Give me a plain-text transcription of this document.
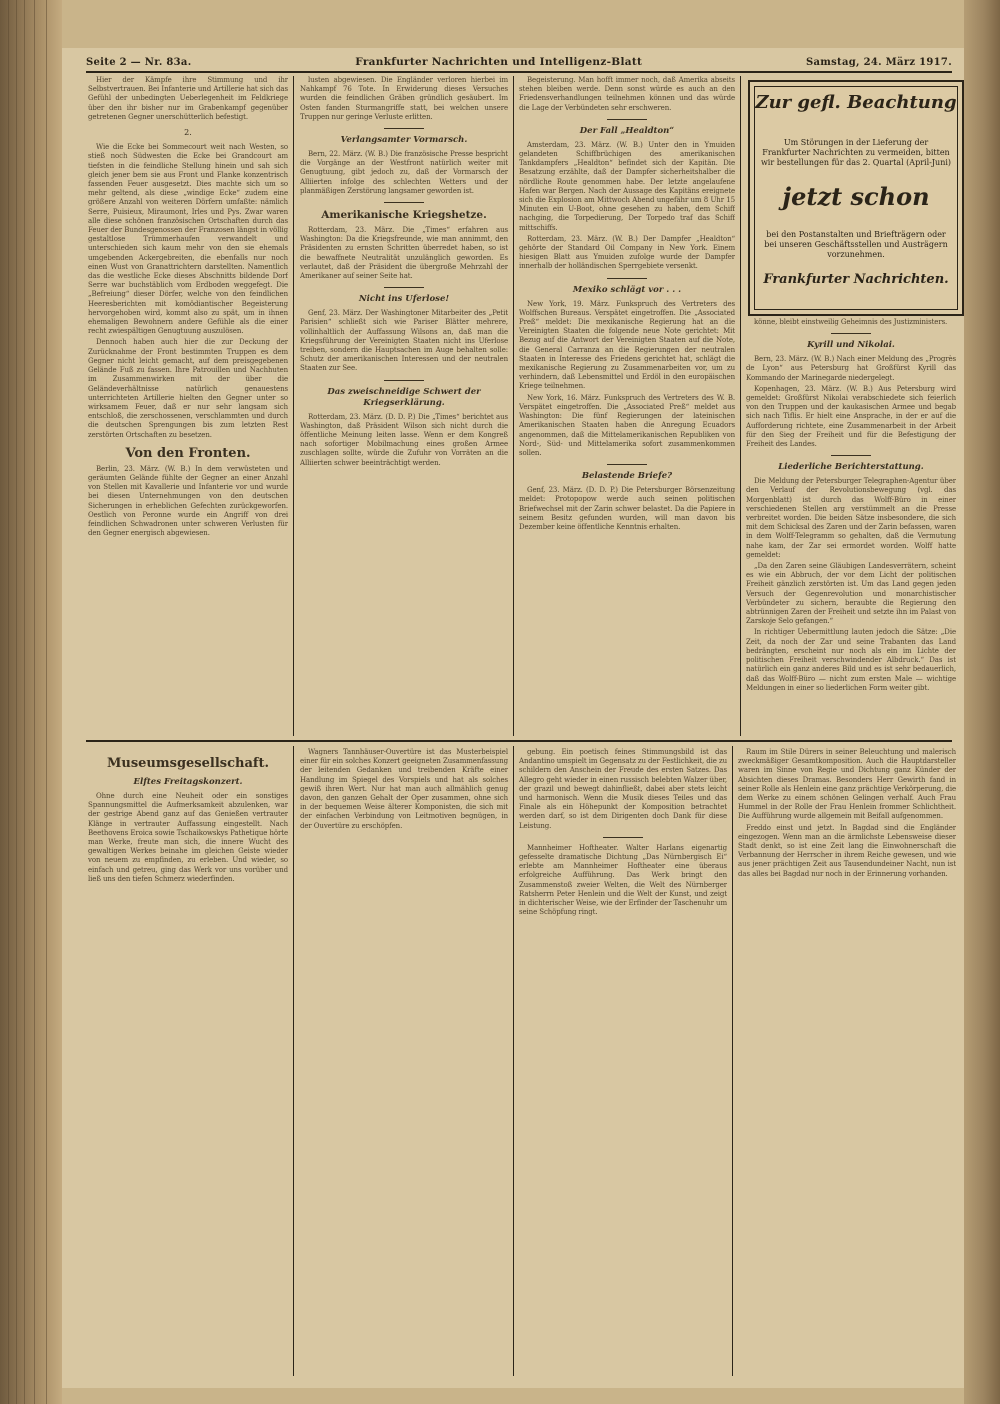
Seite 2 — Nr. 83a.	Frankfurter Nachrichten und Intelligenz-Blatt	Samstag, 24. März 1917.

Hier der Kämpfe ihre Stimmung und ihr Selbstvertrauen. Bei Infanterie und Artillerie hat sich das Gefühl der unbedingten Ueberlegenheit im Feldkriege über den ihr bisher nur im Grabenkampf gegenüber getretenen Gegner unerschütterlich befestigt.

2.

Wie die Ecke bei Sommecourt weit nach Westen, so stieß noch Südwesten die Ecke bei Grandcourt am tiefsten in die feindliche Stellung hinein und sah sich gleich jener bem sie aus Front und Flanke konzentrisch fassenden Feuer ausgesetzt. Dies machte sich um so mehr geltend, als diese „windige Ecke“ zudem eine größere Anzahl von weiteren Dörfern umfaßte: nämlich Serre, Puisieux, Miraumont, Irles und Pys. Zwar waren alle diese schönen französischen Ortschaften durch das Feuer der Bundesgenossen der Franzosen längst in völlig gestaltlose Trümmerhaufen verwandelt und unterschieden sich kaum mehr von den sie ehemals umgebenden Ackergebreiten, die ebenfalls nur noch einen Wust von Granattrichtern darstellten. Namentlich das die westliche Ecke dieses Abschnitts bildende Dorf Serre war buchstäblich vom Erdboden weggefegt. Die „Befreiung“ dieser Dörfer, welche von den feindlichen Heeresberichten mit komödiantischer Begeisterung hervorgehoben wird, kommt also zu spät, um in ihnen ehemaligen Bewohnern andere Gefühle als die einer recht zwiespältigen Genugtuung auszulösen.

Dennoch haben auch hier die zur Deckung der Zurücknahme der Front bestimmten Truppen es dem Gegner nicht leicht gemacht, auf dem preisgegebenen Gelände Fuß zu fassen. Ihre Patrouillen und Nachhuten im Zusammenwirken mit der über die Geländeverhältnisse natürlich genauestens unterrichteten Artillerie hielten den Gegner unter so wirksamem Feuer, daß er nur sehr langsam sich entschloß, die zerschossenen, verschlammten und durch die deutschen Sprengungen bis zum letzten Rest zerstörten Ortschaften zu besetzen.

Von den Fronten.

Berlin, 23. März. (W. B.) In dem verwüsteten und geräumten Gelände fühlte der Gegner an einer Anzahl von Stellen mit Kavallerie und Infanterie vor und wurde bei diesen Unternehmungen von den deutschen Sicherungen in erheblichen Gefechten zurückgeworfen. Oestlich von Peronne wurde ein Angriff von drei feindlichen Schwadronen unter schweren Verlusten für den Gegner energisch abgewiesen.

lusten abgewiesen. Die Engländer verloren hierbei im Nahkampf 76 Tote. In Erwiderung dieses Versuches wurden die feindlichen Gräben gründlich gesäubert. Im Osten fanden Sturmangriffe statt, bei welchen unsere Truppen nur geringe Verluste erlitten.

Verlangsamter Vormarsch.

Bern, 22. März. (W. B.) Die französische Presse bespricht die Vorgänge an der Westfront natürlich weiter mit Genugtuung, gibt jedoch zu, daß der Vormarsch der Alliierten infolge des schlechten Wetters und der planmäßigen Zerstörung langsamer geworden ist.

Amerikanische Kriegshetze.

Rotterdam, 23. März. Die „Times“ erfahren aus Washington: Da die Kriegsfreunde, wie man annimmt, den Präsidenten zu ernsten Schritten überredet haben, so ist die bewaffnete Neutralität unzulänglich geworden. Es verlautet, daß der Präsident die übergroße Mehrzahl der Amerikaner auf seiner Seite hat.

Nicht ins Uferlose!

Genf, 23. März. Der Washingtoner Mitarbeiter des „Petit Parisien“ schließt sich wie Pariser Blätter mehrere, vollinhaltlich der Auffassung Wilsons an, daß man die Kriegsführung der Vereinigten Staaten nicht ins Uferlose treiben, sondern die Hauptsachen im Auge behalten solle: Schutz der amerikanischen Interessen und der neutralen Staaten zur See.

Das zweischneidige Schwert der Kriegserklärung.

Rotterdam, 23. März. (D. D. P.) Die „Times“ berichtet aus Washington, daß Präsident Wilson sich nicht durch die öffentliche Meinung leiten lasse. Wenn er dem Kongreß nach sofortiger Mobilmachung eines großen Armee zuschlagen sollte, würde die Zufuhr von Vorräten an die Alliierten schwer beeinträchtigt werden.

Begeisterung. Man hofft immer noch, daß Amerika abseits stehen bleiben werde. Denn sonst würde es auch an den Friedensverhandlungen teilnehmen können und das würde die Lage der Verbündeten sehr erschweren.

Der Fall „Healdton“

Amsterdam, 23. März. (W. B.) Unter den in Ymuiden gelandeten Schiffbrüchigen des amerikanischen Tankdampfers „Healdton“ befindet sich der Kapitän. Die Besatzung erzählte, daß der Dampfer sicherheitshalber die nördliche Route genommen habe. Der letzte angelaufene Hafen war Bergen. Nach der Aussage des Kapitäns ereignete sich die Explosion am Mittwoch Abend ungefähr um 8 Uhr 15 Minuten ein U-Boot, ohne gesehen zu haben, dem Schiff nachging, die Torpedierung, Der Torpedo traf das Schiff mittschiffs.

Rotterdam, 23. März. (W. B.) Der Dampfer „Healdton“ gehörte der Standard Oil Company in New York. Einem hiesigen Blatt aus Ymuiden zufolge wurde der Dampfer innerhalb der holländischen Sperrgebiete versenkt.

Mexiko schlägt vor . . .

New York, 19. März. Funkspruch des Vertreters des Wolffschen Bureaus. Verspätet eingetroffen. Die „Associated Preß“ meldet: Die mexikanische Regierung hat an die Vereinigten Staaten die folgende neue Note gerichtet: Mit Bezug auf die Antwort der Vereinigten Staaten auf die Note, die General Carranza an die Regierungen der neutralen Staaten in Interesse des Friedens gerichtet hat, schlägt die mexikanische Regierung zu Zusammenarbeiten vor, um zu verhindern, daß Lebensmittel und Erdöl in den europäischen Kriege teilnehmen.

New York, 16. März. Funkspruch des Vertreters des W. B. Verspätet eingetroffen. Die „Associated Preß“ meldet aus Washington: Die fünf Regierungen der lateinischen Amerikanischen Staaten haben die Anregung Ecuadors angenommen, daß die Mittelamerikanischen Republiken von Nord-, Süd- und Mittelamerika sofort zusammenkommen sollen.

Belastende Briefe?

Genf, 23. März. (D. D. P.) Die Petersburger Börsenzeitung meldet: Protopopow werde auch seinen politischen Briefwechsel mit der Zarin schwer belastet. Da die Papiere in seinem Besitz gefunden wurden, will man davon bis Dezember keine öffentliche Kenntnis erhalten.

Zur gefl. Beachtung
Um Störungen in der Lieferung der Frankfurter Nachrichten zu vermeiden, bitten wir bestellungen für das 2. Quartal (April-Juni)
jetzt schon
bei den Postanstalten und Briefträgern oder bei unseren Geschäftsstellen und Austrägern vorzunehmen.
Frankfurter Nachrichten.

könne, bleibt einstweilig Geheimnis des Justizministers.

Kyrill und Nikolai.

Bern, 23. März. (W. B.) Nach einer Meldung des „Progrès de Lyon“ aus Petersburg hat Großfürst Kyrill das Kommando der Marinegarde niedergelegt.

Kopenhagen, 23. März. (W. B.) Aus Petersburg wird gemeldet: Großfürst Nikolai verabschiedete sich feierlich von den Truppen und der kaukasischen Armee und begab sich nach Tiflis. Er hielt eine Ansprache, in der er auf die Aufforderung richtete, eine Zusammenarbeit in der Arbeit für den Sieg der Freiheit und für die Befestigung der Freiheit des Landes.

Liederliche Berichterstattung.

Die Meldung der Petersburger Telegraphen-Agentur über den Verlauf der Revolutionsbewegung (vgl. das Morgenblatt) ist durch das Wolff-Büro in einer verschiedenen Stellen arg verstümmelt an die Presse verbreitet worden. Die beiden Sätze insbesondere, die sich mit dem Schicksal des Zaren und der Zarin befassen, waren in dem Wolff-Telegramm so gehalten, daß die Vermutung nahe kam, der Zar sei ermordet worden. Wolff hatte gemeldet:

„Da den Zaren seine Gläubigen Landesverrätern, scheint es wie ein Abbruch, der vor dem Licht der politischen Freiheit gänzlich zerstörten ist. Um das Land gegen jeden Versuch der Gegenrevolution und monarchistischer Verbündeter zu sichern, beraubte die Regierung den abtrünnigen Zaren der Freiheit und setzte ihn im Palast von Zarskoje Selo gefangen.“

In richtiger Uebermittlung lauten jedoch die Sätze: „Die Zeit, da noch der Zar und seine Trabanten das Land bedrängten, erscheint nur noch als ein im Lichte der politischen Freiheit verschwindender Albdruck.“ Das ist natürlich ein ganz anderes Bild und es ist sehr bedauerlich, daß das Wolff-Büro — nicht zum ersten Male — wichtige Meldungen in einer so liederlichen Form weiter gibt.

Museumsgesellschaft.

Elftes Freitagskonzert.

Ohne durch eine Neuheit oder ein sonstiges Spannungsmittel die Aufmerksamkeit abzulenken, war der gestrige Abend ganz auf das Genießen vertrauter Klänge in vertrauter Auffassung eingestellt. Nach Beethovens Eroica sowie Tschaikowskys Pathetique hörte man Werke, freute man sich, die innere Wucht des gewaltigen Werkes beinahe im gleichen Geiste wieder von neuem zu empfinden, zu erleben. Und wieder, so einfach und getreu, ging das Werk vor uns vorüber und ließ uns den tiefen Schmerz wiederfinden.

Wagners Tannhäuser-Ouvertüre ist das Musterbeispiel einer für ein solches Konzert geeigneten Zusammenfassung der leitenden Gedanken und treibenden Kräfte einer Handlung im Spiegel des Vorspiels und hat als solches gewiß ihren Wert. Nur hat man auch allmählich genug davon, den ganzen Gehalt der Oper zusammen, ohne sich in der bequemen Weise älterer Komponisten, die sich mit der einfachen Verbindung von Leitmotiven begnügen, in der Ouvertüre zu erschöpfen.

gebung. Ein poetisch feines Stimmungsbild ist das Andantino umspielt im Gegensatz zu der Festlichkeit, die zu schildern den Anschein der Freude des ersten Satzes. Das Allegro geht wieder in einen russisch belebten Walzer über, der grazil und bewegt dahinfließt, dabei aber stets leicht und harmonisch. Wenn die Musik dieses Teiles und das Finale als ein Höhepunkt der Komposition betrachtet werden darf, so ist dem Dirigenten doch Dank für diese Leistung.

Mannheimer Hoftheater. Walter Harlans eigenartig gefesselte dramatische Dichtung „Das Nürnbergisch Ei“ erlebte am Mannheimer Hoftheater eine überaus erfolgreiche Aufführung. Das Werk bringt den Zusammenstoß zweier Welten, die Welt des Nürnberger Ratsherrn Peter Henlein und die Welt der Kunst, und zeigt in dichterischer Weise, wie der Erfinder der Taschenuhr um seine Schöpfung ringt.

Raum im Stile Dürers in seiner Beleuchtung und malerisch zweckmäßiger Gesamtkomposition. Auch die Hauptdarsteller waren im Sinne von Regie und Dichtung ganz Künder der Absichten dieses Dramas. Besonders Herr Gewirth fand in seiner Rolle als Henlein eine ganz prächtige Verkörperung, die dem Werke zu einem schönen Gelingen verhalf. Auch Frau Hummel in der Rolle der Frau Henlein frommer Schlichtheit. Die Aufführung wurde allgemein mit Beifall aufgenommen.

Freddo einst und jetzt. In Bagdad sind die Engländer eingezogen. Wenn man an die ärmlichste Lebensweise dieser Stadt denkt, so ist eine Zeit lang die Einwohnerschaft die Verbannung der Herrscher in ihrem Reiche gewesen, und wie aus jener prächtigen Zeit aus Tausendundeiner Nacht, nun ist das alles bei Bagdad nur noch in der Erinnerung vorhanden.
